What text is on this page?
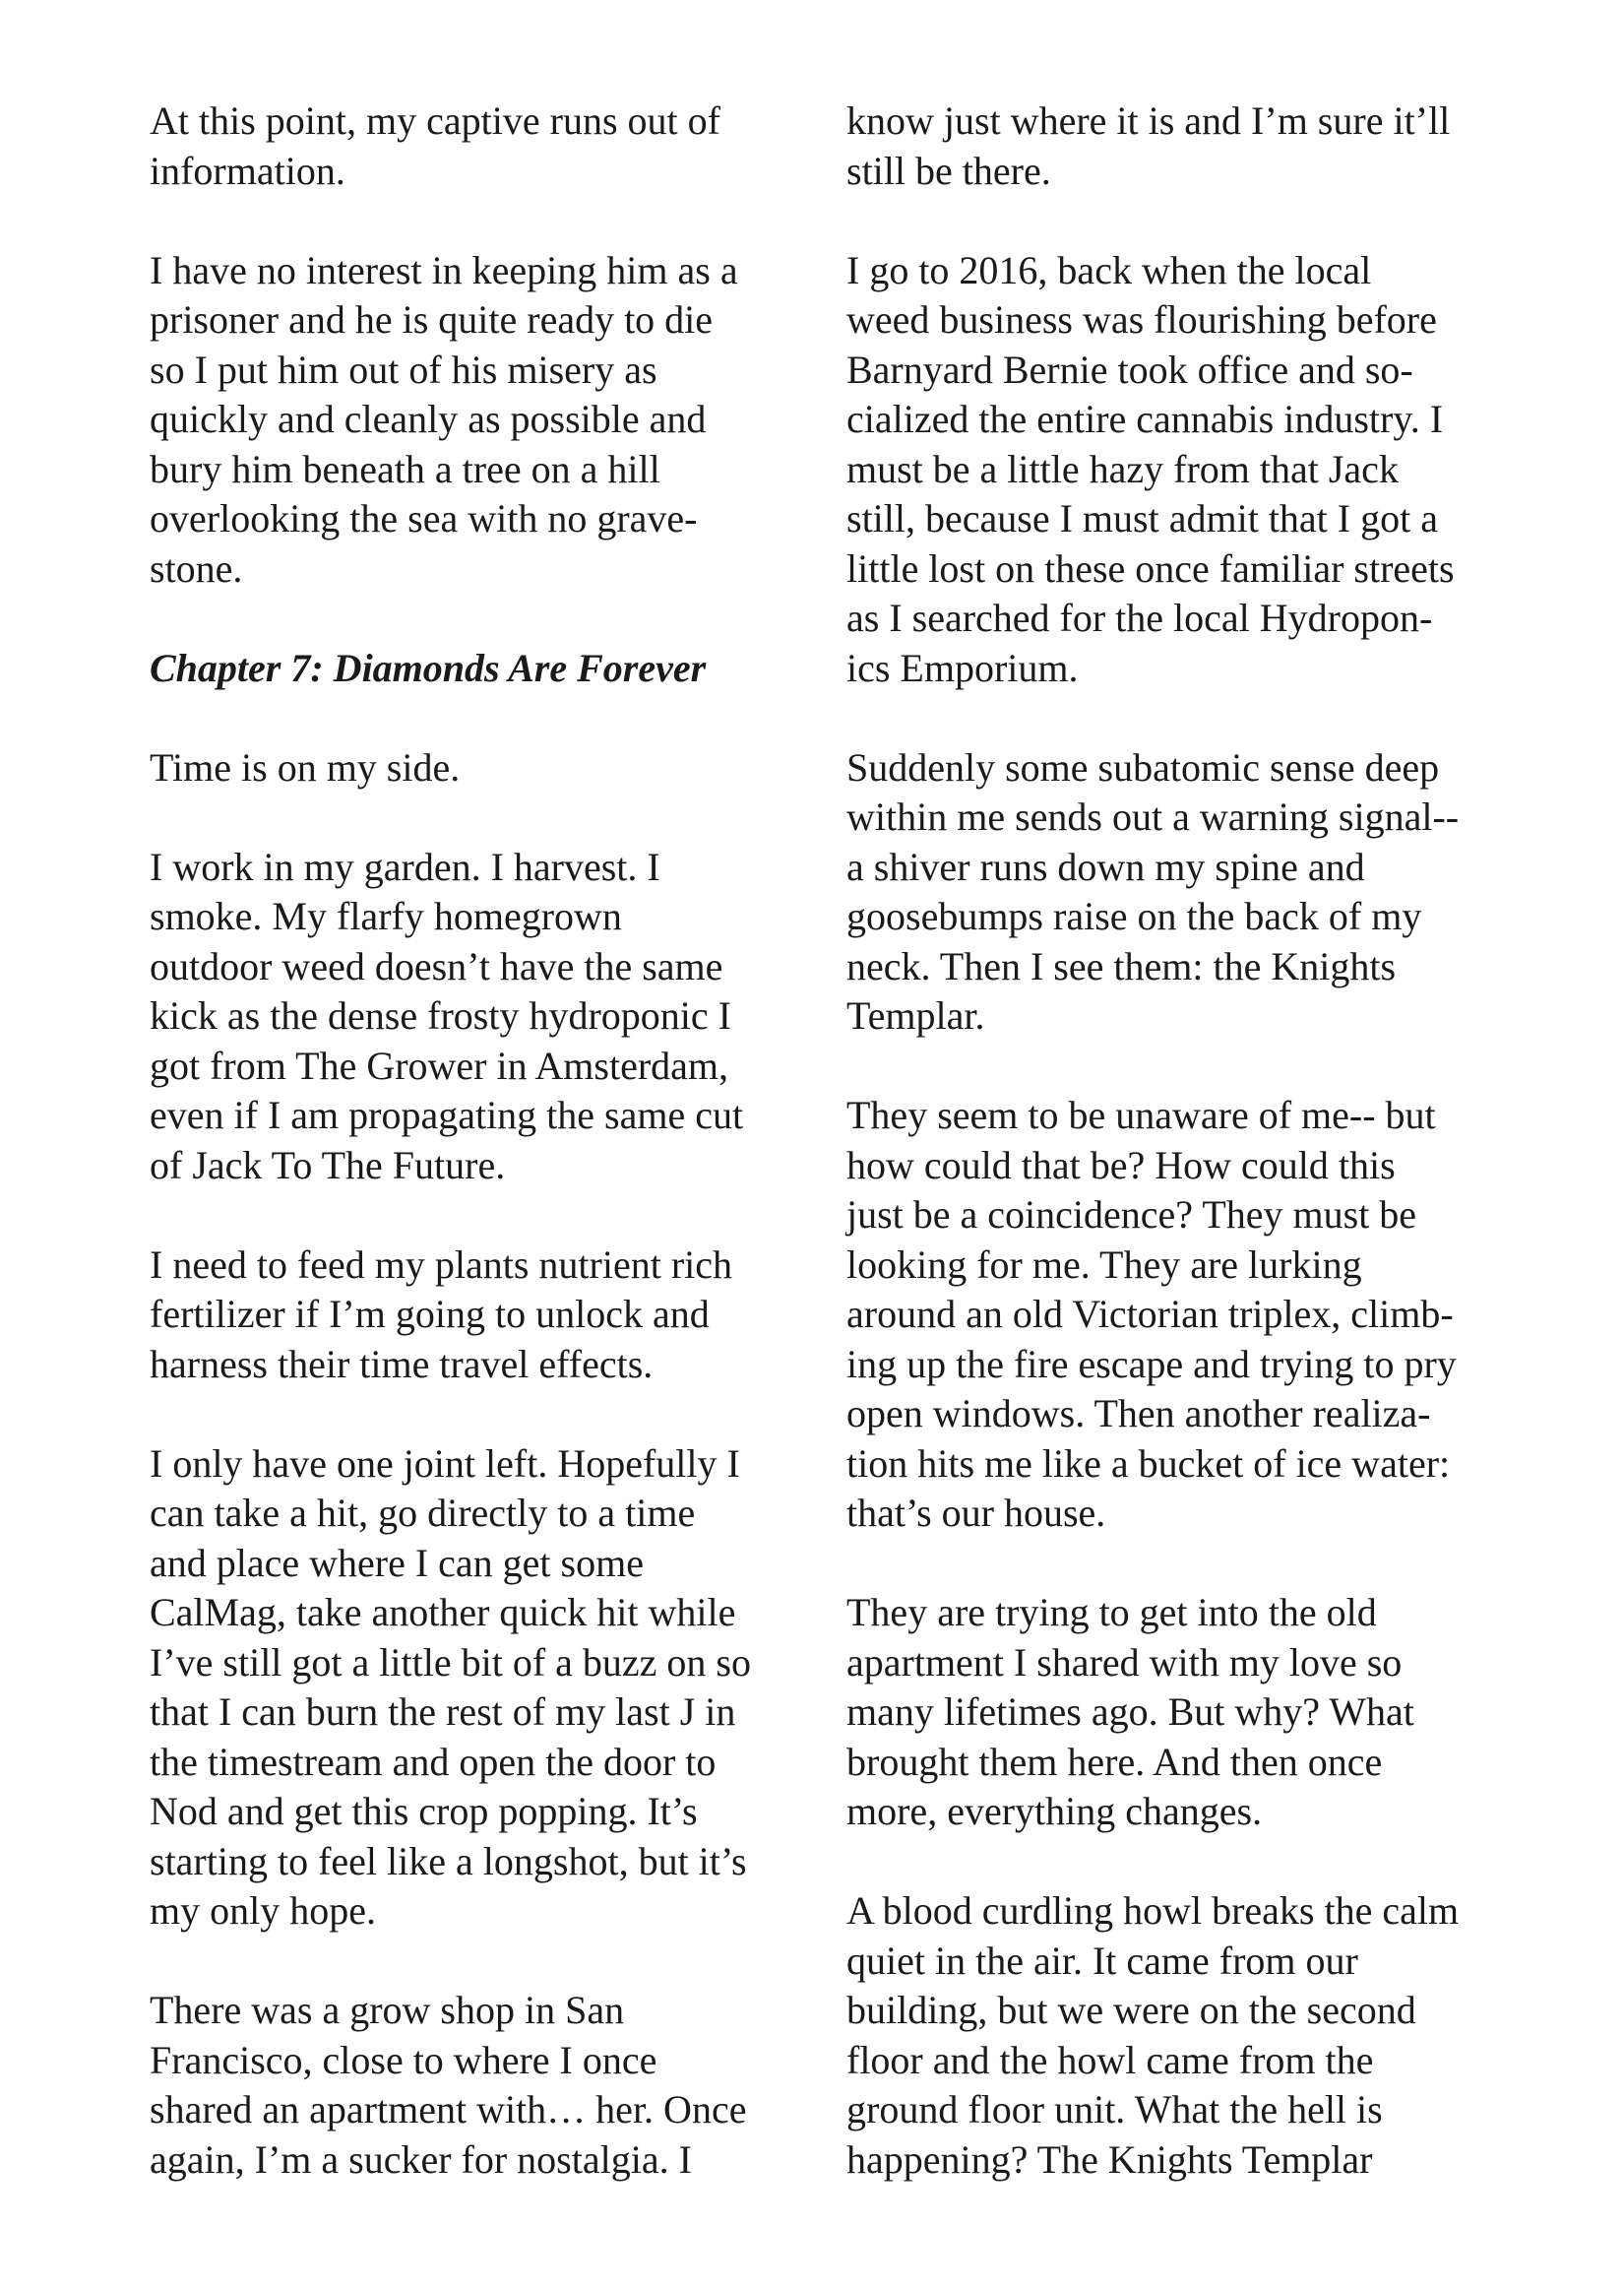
At this point, my captive runs out of
information.

I have no interest in keeping him as a
prisoner and he is quite ready to die
so I put him out of his misery as
quickly and cleanly as possible and
bury him beneath a tree on a hill
overlooking the sea with no grave-
stone.

Chapter 7: Diamonds Are Forever

Time is on my side.

I work in my garden. I harvest. I
smoke. My flarfy homegrown
outdoor weed doesn’t have the same
kick as the dense frosty hydroponic I
got from The Grower in Amsterdam,
even if I am propagating the same cut
of Jack To The Future.

I need to feed my plants nutrient rich
fertilizer if I’m going to unlock and
harness their time travel effects.

I only have one joint left. Hopefully I
can take a hit, go directly to a time
and place where I can get some
CalMag, take another quick hit while
I’ve still got a little bit of a buzz on so
that I can burn the rest of my last J in
the timestream and open the door to
Nod and get this crop popping. It’s
starting to feel like a longshot, but it’s
my only hope.

There was a grow shop in San
Francisco, close to where I once
shared an apartment with… her. Once
again, I’m a sucker for nostalgia. I

know just where it is and I’m sure it’ll
still be there.

I go to 2016, back when the local
weed business was flourishing before
Barnyard Bernie took office and so-
cialized the entire cannabis industry. I
must be a little hazy from that Jack
still, because I must admit that I got a
little lost on these once familiar streets
as I searched for the local Hydropon-
ics Emporium.

Suddenly some subatomic sense deep
within me sends out a warning signal--
a shiver runs down my spine and
goosebumps raise on the back of my
neck. Then I see them: the Knights
Templar.

They seem to be unaware of me-- but
how could that be? How could this
just be a coincidence? They must be
looking for me. They are lurking
around an old Victorian triplex, climb-
ing up the fire escape and trying to pry
open windows. Then another realiza-
tion hits me like a bucket of ice water:
that’s our house.

They are trying to get into the old
apartment I shared with my love so
many lifetimes ago. But why? What
brought them here. And then once
more, everything changes.

A blood curdling howl breaks the calm
quiet in the air. It came from our
building, but we were on the second
floor and the howl came from the
ground floor unit. What the hell is
happening? The Knights Templar
